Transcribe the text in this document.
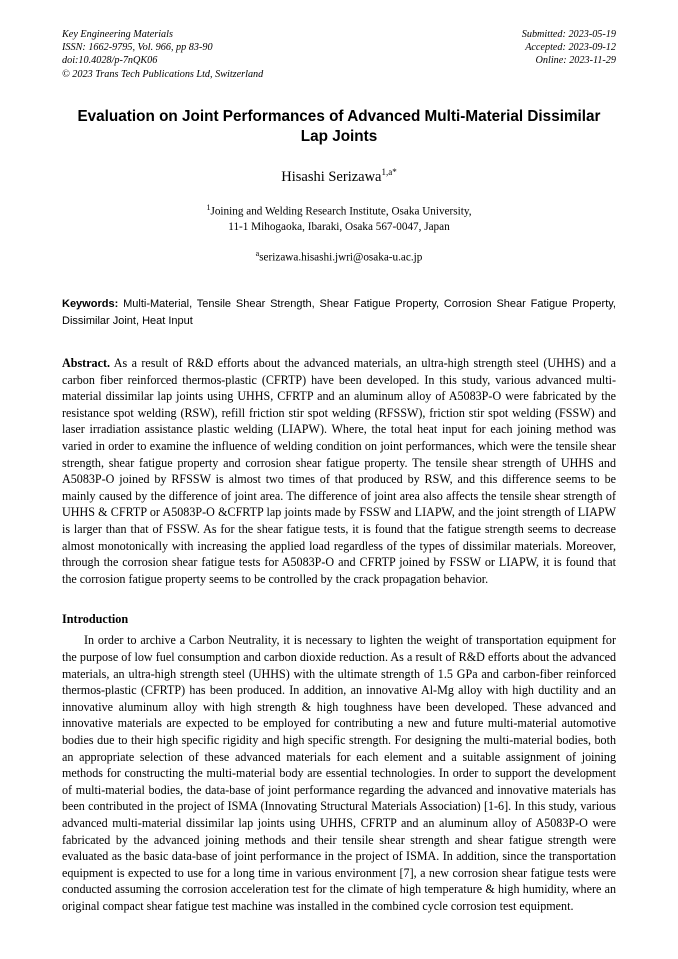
Key Engineering Materials
ISSN: 1662-9795, Vol. 966, pp 83-90
doi:10.4028/p-7nQK06
© 2023 Trans Tech Publications Ltd, Switzerland
Submitted: 2023-05-19
Accepted: 2023-09-12
Online: 2023-11-29
Evaluation on Joint Performances of Advanced Multi-Material Dissimilar Lap Joints
Hisashi Serizawa$^{1,a*}$
$^1$Joining and Welding Research Institute, Osaka University,
11-1 Mihogaoka, Ibaraki, Osaka 567-0047, Japan
$^a$serizawa.hisashi.jwri@osaka-u.ac.jp
Keywords: Multi-Material, Tensile Shear Strength, Shear Fatigue Property, Corrosion Shear Fatigue Property, Dissimilar Joint, Heat Input
Abstract. As a result of R&D efforts about the advanced materials, an ultra-high strength steel (UHHS) and a carbon fiber reinforced thermos-plastic (CFRTP) have been developed. In this study, various advanced multi-material dissimilar lap joints using UHHS, CFRTP and an aluminum alloy of A5083P-O were fabricated by the resistance spot welding (RSW), refill friction stir spot welding (RFSSW), friction stir spot welding (FSSW) and laser irradiation assistance plastic welding (LIAPW). Where, the total heat input for each joining method was varied in order to examine the influence of welding condition on joint performances, which were the tensile shear strength, shear fatigue property and corrosion shear fatigue property. The tensile shear strength of UHHS and A5083P-O joined by RFSSW is almost two times of that produced by RSW, and this difference seems to be mainly caused by the difference of joint area. The difference of joint area also affects the tensile shear strength of UHHS & CFRTP or A5083P-O &CFRTP lap joints made by FSSW and LIAPW, and the joint strength of LIAPW is larger than that of FSSW. As for the shear fatigue tests, it is found that the fatigue strength seems to decrease almost monotonically with increasing the applied load regardless of the types of dissimilar materials. Moreover, through the corrosion shear fatigue tests for A5083P-O and CFRTP joined by FSSW or LIAPW, it is found that the corrosion fatigue property seems to be controlled by the crack propagation behavior.
Introduction
In order to archive a Carbon Neutrality, it is necessary to lighten the weight of transportation equipment for the purpose of low fuel consumption and carbon dioxide reduction. As a result of R&D efforts about the advanced materials, an ultra-high strength steel (UHHS) with the ultimate strength of 1.5 GPa and carbon-fiber reinforced thermos-plastic (CFRTP) has been produced. In addition, an innovative Al-Mg alloy with high ductility and an innovative aluminum alloy with high strength & high toughness have been developed. These advanced and innovative materials are expected to be employed for contributing a new and future multi-material automotive bodies due to their high specific rigidity and high specific strength. For designing the multi-material bodies, both an appropriate selection of these advanced materials for each element and a suitable assignment of joining methods for constructing the multi-material body are essential technologies. In order to support the development of multi-material bodies, the data-base of joint performance regarding the advanced and innovative materials has been contributed in the project of ISMA (Innovating Structural Materials Association) [1-6]. In this study, various advanced multi-material dissimilar lap joints using UHHS, CFRTP and an aluminum alloy of A5083P-O were fabricated by the advanced joining methods and their tensile shear strength and shear fatigue strength were evaluated as the basic data-base of joint performance in the project of ISMA. In addition, since the transportation equipment is expected to use for a long time in various environment [7], a new corrosion shear fatigue tests were conducted assuming the corrosion acceleration test for the climate of high temperature & high humidity, where an original compact shear fatigue test machine was installed in the combined cycle corrosion test equipment.
